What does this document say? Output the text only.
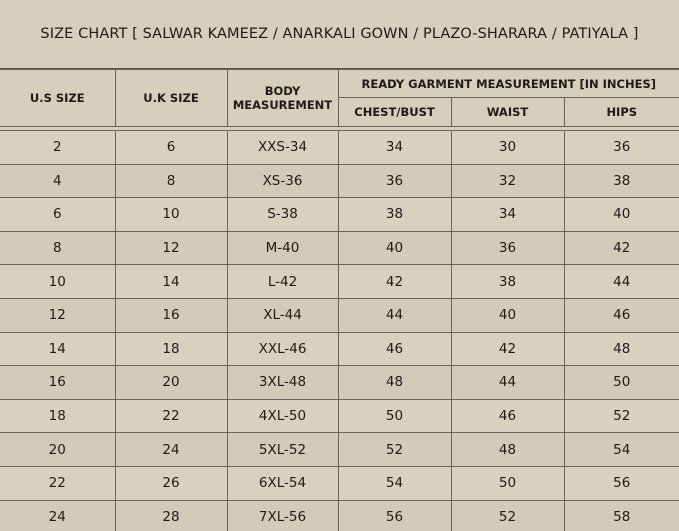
SIZE CHART [ SALWAR KAMEEZ / ANARKALI GOWN / PLAZO-SHARARA / PATIYALA ]
U.S SIZE	U.K SIZE	BODY MEASUREMENT	READY GARMENT MEASUREMENT [IN INCHES]		
			CHEST/BUST	WAIST	HIPS

2	6	XXS-34	34	30	36
4	8	XS-36	36	32	38
6	10	S-38	38	34	40
8	12	M-40	40	36	42
10	14	L-42	42	38	44
12	16	XL-44	44	40	46
14	18	XXL-46	46	42	48
16	20	3XL-48	48	44	50
18	22	4XL-50	50	46	52
20	24	5XL-52	52	48	54
22	26	6XL-54	54	50	56
24	28	7XL-56	56	52	58
